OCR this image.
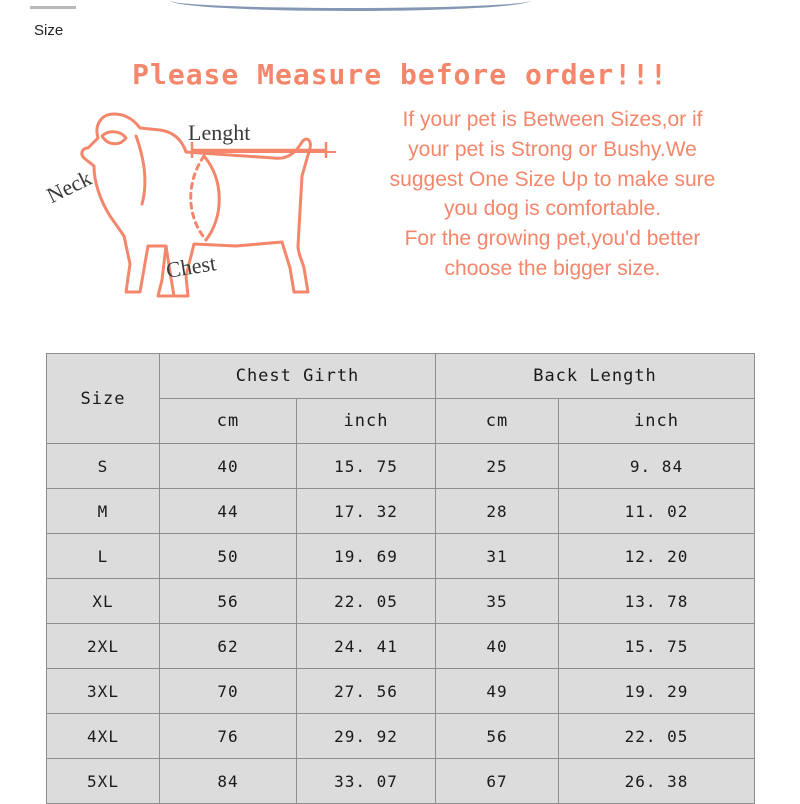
Size
Please Measure before order!!!
Lenght
Neck
Chest
If your pet is Between Sizes,or if
your pet is Strong or Bushy.We
suggest One Size Up to make sure
you dog is comfortable.
For the growing pet,you'd better
choose the bigger size.
Size	Chest Girth		Back Length	
	cm	inch	cm	inch
S	40	15. 75	25	9. 84
M	44	17. 32	28	11. 02
L	50	19. 69	31	12. 20
XL	56	22. 05	35	13. 78
2XL	62	24. 41	40	15. 75
3XL	70	27. 56	49	19. 29
4XL	76	29. 92	56	22. 05
5XL	84	33. 07	67	26. 38
